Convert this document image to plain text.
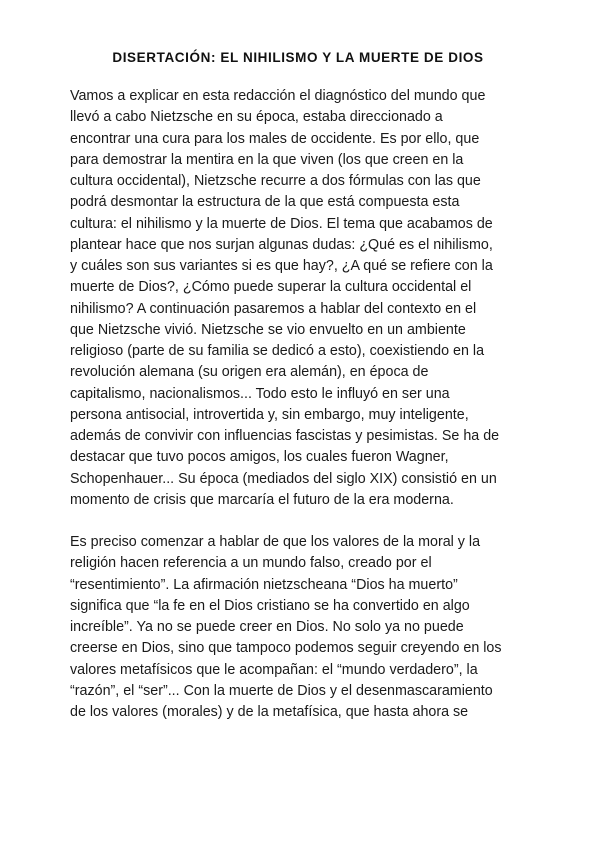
DISERTACIÓN: EL NIHILISMO Y LA MUERTE DE DIOS
Vamos a explicar en esta redacción el diagnóstico del mundo que
llevó a cabo Nietzsche en su época, estaba direccionado a
encontrar una cura para los males de occidente. Es por ello, que
para demostrar la mentira en la que viven (los que creen en la
cultura occidental), Nietzsche recurre a dos fórmulas con las que
podrá desmontar la estructura de la que está compuesta esta
cultura: el nihilismo y la muerte de Dios. El tema que acabamos de
plantear hace que nos surjan algunas dudas: ¿Qué es el nihilismo,
y cuáles son sus variantes si es que hay?, ¿A qué se refiere con la
muerte de Dios?, ¿Cómo puede superar la cultura occidental el
nihilismo? A continuación pasaremos a hablar del contexto en el
que Nietzsche vivió. Nietzsche se vio envuelto en un ambiente
religioso (parte de su familia se dedicó a esto), coexistiendo en la
revolución alemana (su origen era alemán), en época de
capitalismo, nacionalismos... Todo esto le influyó en ser una
persona antisocial, introvertida y, sin embargo, muy inteligente,
además de convivir con influencias fascistas y pesimistas. Se ha de
destacar que tuvo pocos amigos, los cuales fueron Wagner,
Schopenhauer... Su época (mediados del siglo XIX) consistió en un
momento de crisis que marcaría el futuro de la era moderna.
Es preciso comenzar a hablar de que los valores de la moral y la
religión hacen referencia a un mundo falso, creado por el
“resentimiento”. La afirmación nietzscheana “Dios ha muerto”
significa que “la fe en el Dios cristiano se ha convertido en algo
increíble”. Ya no se puede creer en Dios. No solo ya no puede
creerse en Dios, sino que tampoco podemos seguir creyendo en los
valores metafísicos que le acompañan: el “mundo verdadero”, la
“razón”, el “ser”... Con la muerte de Dios y el desenmascaramiento
de los valores (morales) y de la metafísica, que hasta ahora se
